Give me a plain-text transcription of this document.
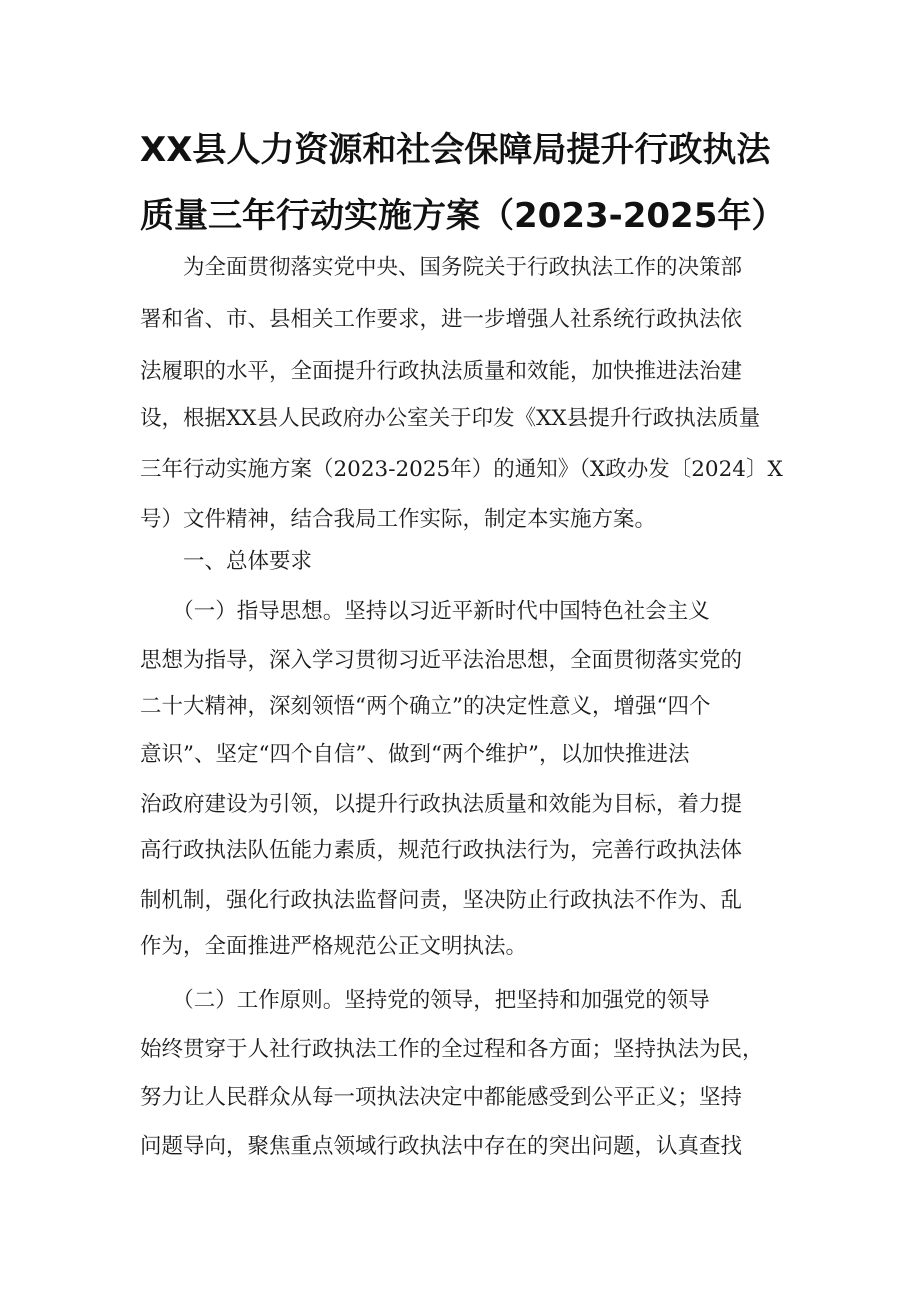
XX县人力资源和社会保障局提升行政执法
质量三年行动实施方案（2023-2025年）
　　为全面贯彻落实党中央、国务院关于行政执法工作的决策部
署和省、市、县相关工作要求，进一步增强人社系统行政执法依
法履职的水平，全面提升行政执法质量和效能，加快推进法治建
设，根据XX县人民政府办公室关于印发《XX县提升行政执法质量
三年行动实施方案（2023-2025年）的通知》（X政办发〔2024〕X
号）文件精神，结合我局工作实际，制定本实施方案。
　　一、总体要求
　　（一）指导思想。坚持以习近平新时代中国特色社会主义
思想为指导，深入学习贯彻习近平法治思想，全面贯彻落实党的
二十大精神，深刻领悟“两个确立”的决定性意义，增强“四个
意识”、坚定“四个自信”、做到“两个维护”，以加快推进法
治政府建设为引领，以提升行政执法质量和效能为目标，着力提
高行政执法队伍能力素质，规范行政执法行为，完善行政执法体
制机制，强化行政执法监督问责，坚决防止行政执法不作为、乱
作为，全面推进严格规范公正文明执法。
　　（二）工作原则。坚持党的领导，把坚持和加强党的领导
始终贯穿于人社行政执法工作的全过程和各方面；坚持执法为民，
努力让人民群众从每一项执法决定中都能感受到公平正义；坚持
问题导向，聚焦重点领域行政执法中存在的突出问题，认真查找
